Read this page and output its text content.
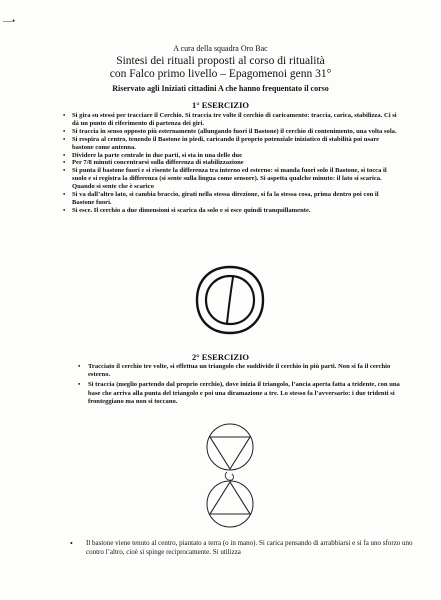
—•
A cura della squadra Oro Bac
Sintesi dei rituali proposti al corso di ritualità
con Falco primo livello – Epagomenoi genn 31°
Riservato agli Iniziati cittadini A che hanno frequentato il corso
1° ESERCIZIO
• Si gira su stessi per tracciare il Cerchio. Si traccia tre volte il cerchio di caricamento: traccia, carica, stabilizza. Ci si dà un punto di riferimento di partenza dei giri.
• Si traccia in senso opposto più esternamente (allungando fuori il Bastone) il cerchio di contenimento, una volta sola.
• Si respira al centro, tenendo il Bastone in piedi, caricando il proprio potenziale iniziatico di stabilità poi usare bastone come antenna.
• Dividere la parte centrale in due parti, si sta in una delle due
• Per 7/8 minuti concentrarsi sulla differenza di stabilizzazione
• Si punta il bastone fuori e si risente la differenza tra interno ed esterno: si manda fuori solo il Bastone, si tocca il suolo e si registra la differenza (si sente sulla lingua come sensore). Si aspetta qualche minuto: il lato si scarica. Quando si sente che è scarico
• Si va dall’altro lato, si cambia braccio, girati nella stessa direzione, si fa la stessa cosa, prima dentro poi con il Bastone fuori.
• Si esce. Il cerchio a due dimensioni si scarica da solo e si esce quindi tranquillamente.
2° ESERCIZIO
• Tracciato il cerchio tre volte, si effettua un triangolo che suddivide il cerchio in più parti. Non si fa il cerchio esterno.
• Si traccia (meglio partendo dal proprio cerchio), dove inizia il triangolo, l’ancia aperta fatta a tridente, con una base che arriva alla punta del triangolo e poi una diramazione a tre. Lo stesso fa l’avversario: i due tridenti si fronteggiano ma non si toccano.
• Il bastone viene tenuto al centro, piantato a terra (o in mano). Si carica pensando di arrabbiarsi e si fa uno sforzo uno contro l’altro, cioè si spinge reciprocamente. Si utilizza
